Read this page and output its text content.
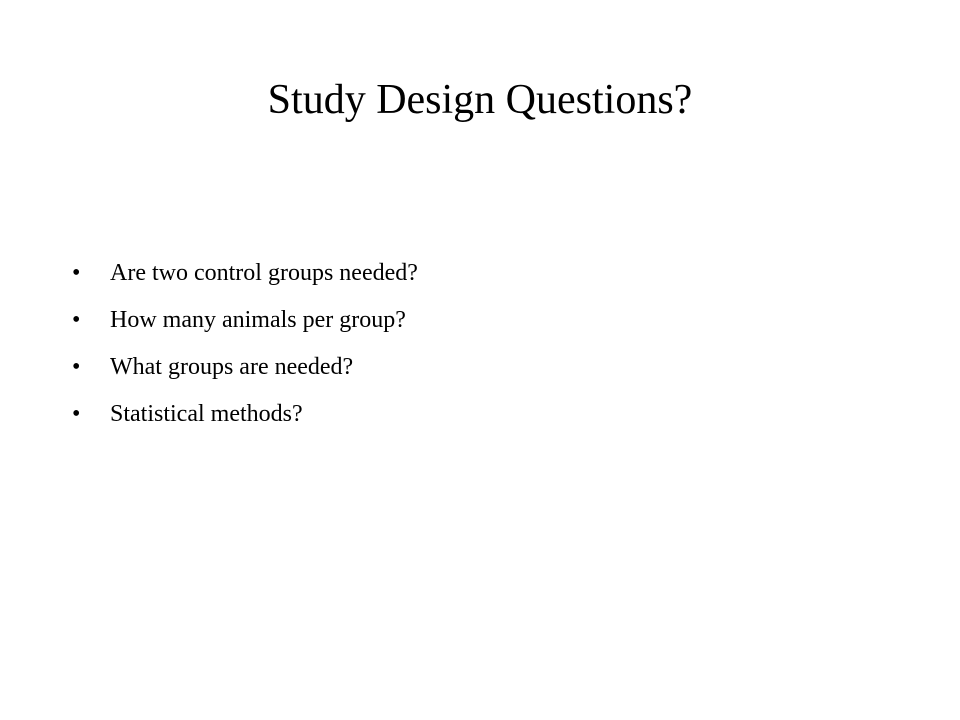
Study Design Questions?
•	Are two control groups needed?
•	How many animals per group?
•	What groups are needed?
•	Statistical methods?
